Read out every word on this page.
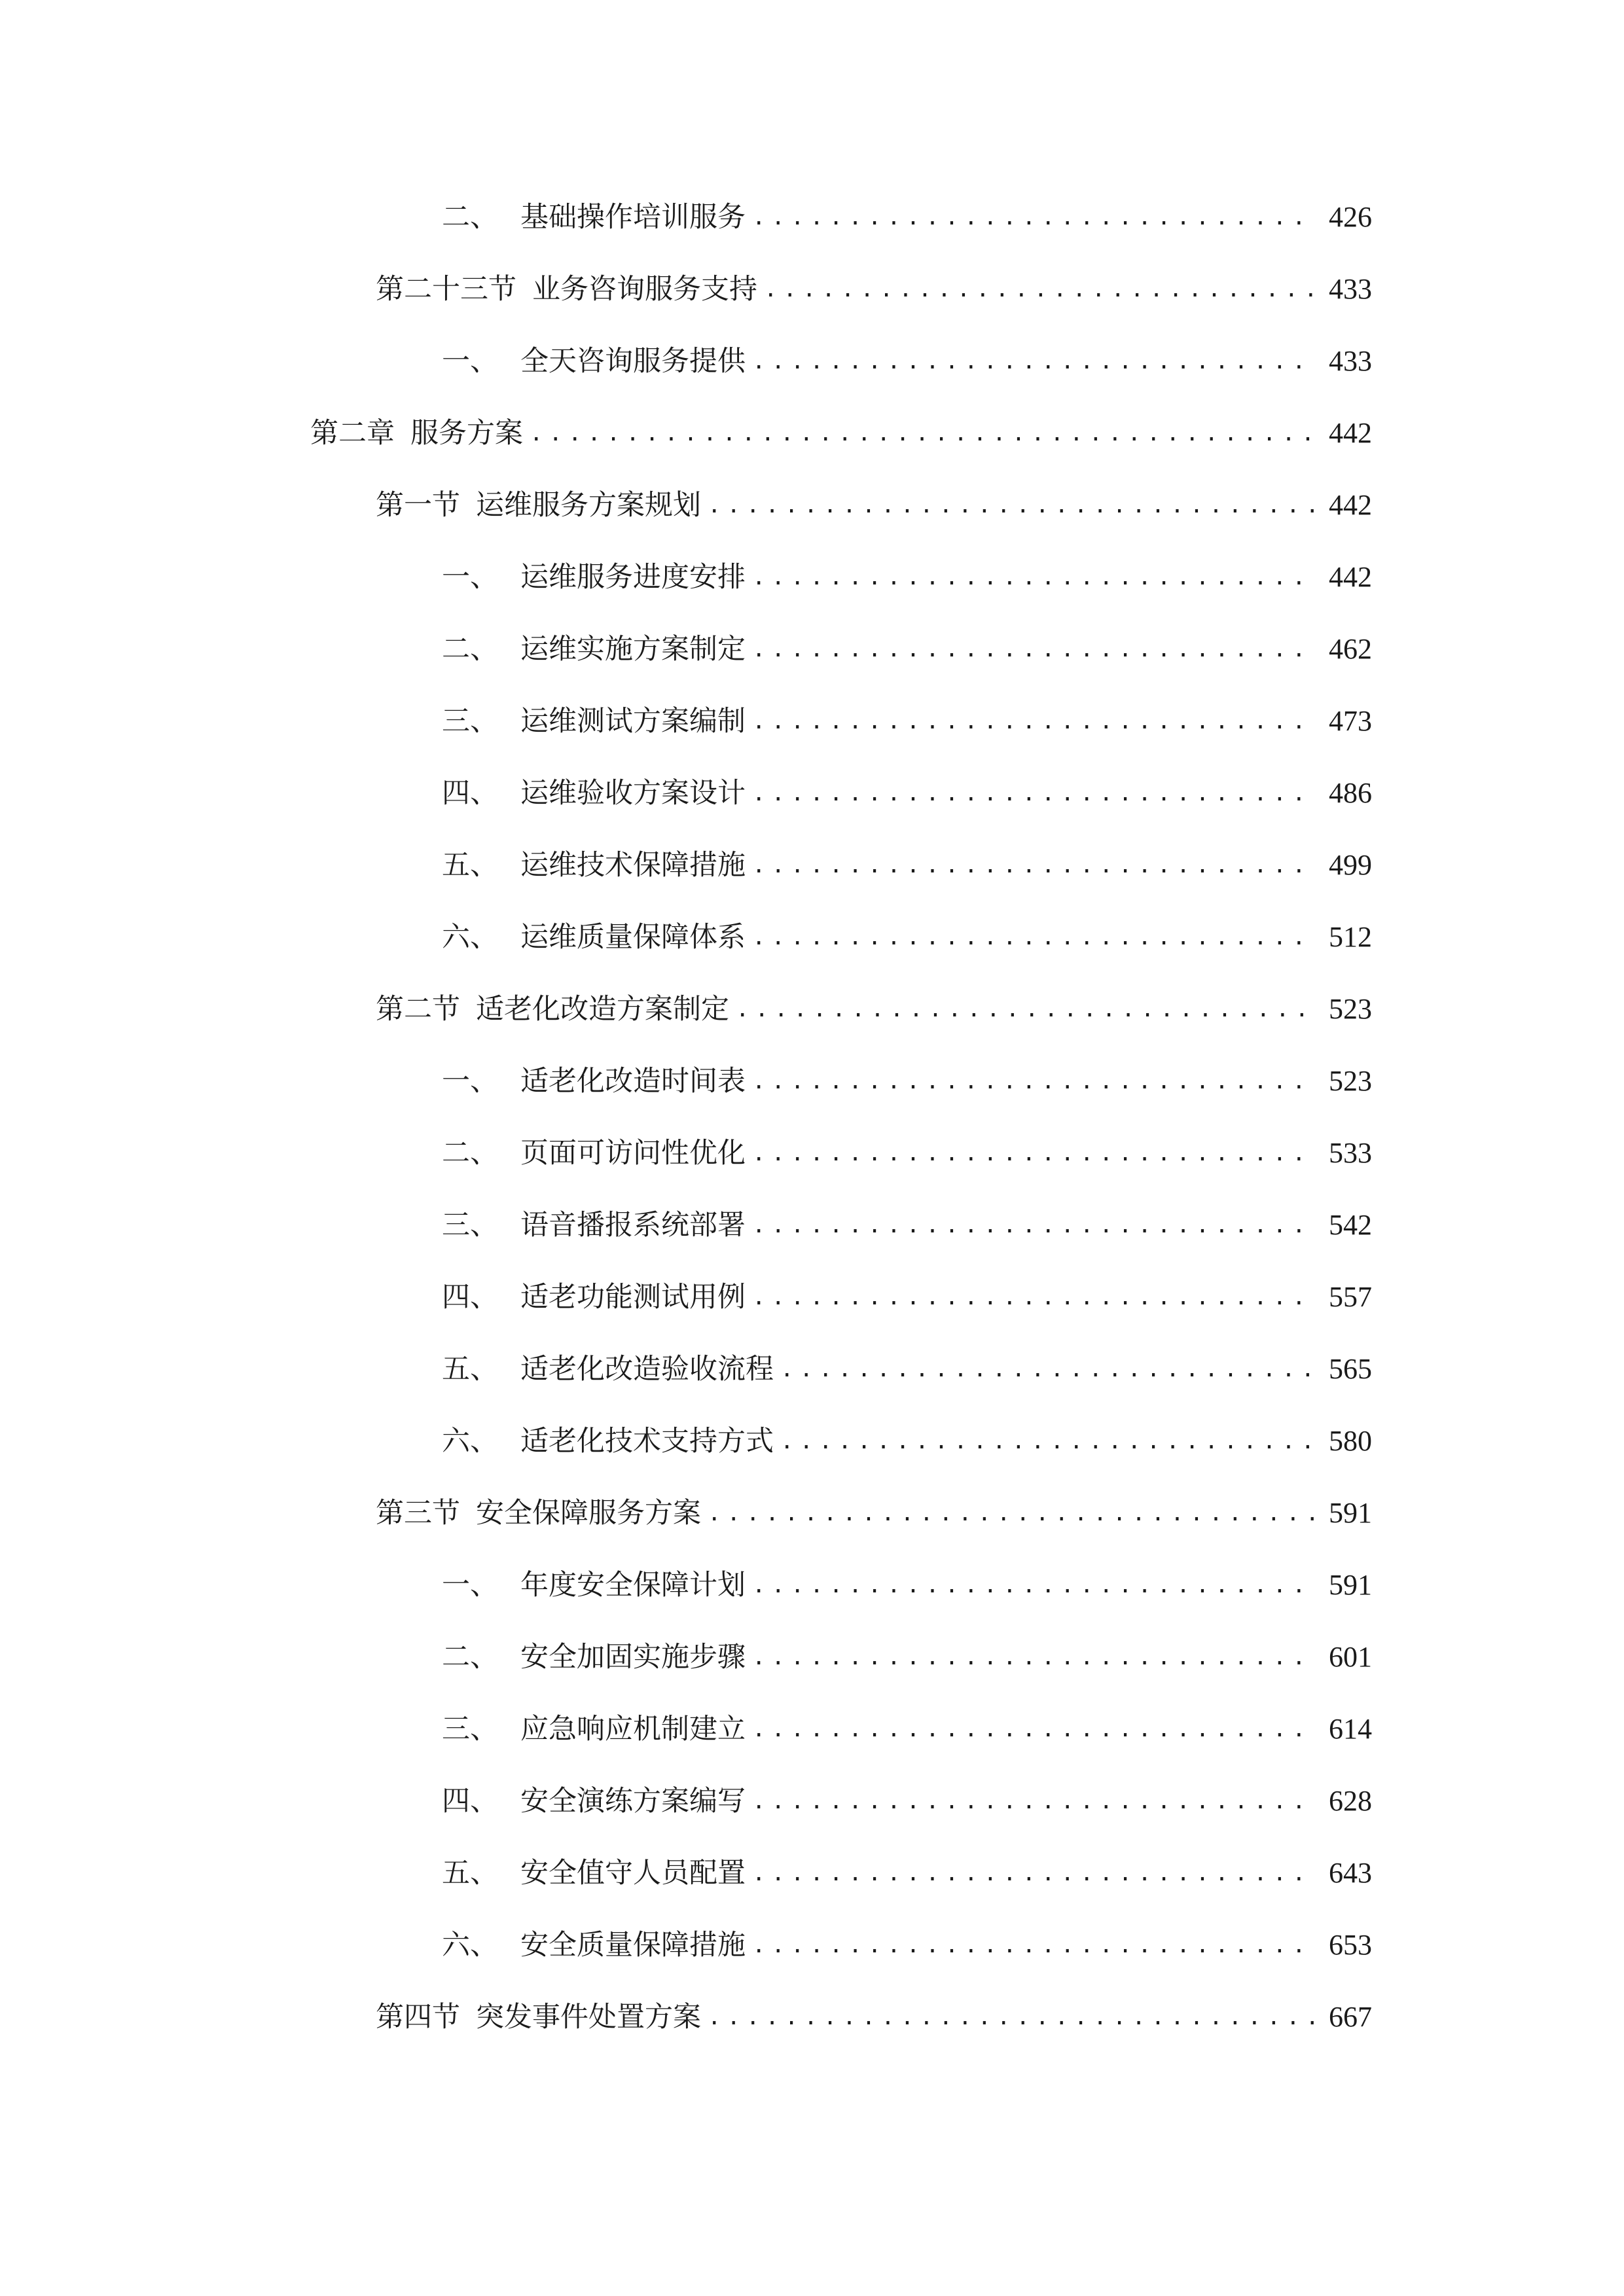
二、 基础操作培训服务 .....	426
第二十三节 业务咨询服务支持 .....	433
一、 全天咨询服务提供 .....	433
第二章 服务方案 .....	442
第一节 运维服务方案规划 .....	442
一、 运维服务进度安排 .....	442
二、 运维实施方案制定 .....	462
三、 运维测试方案编制 .....	473
四、 运维验收方案设计 .....	486
五、 运维技术保障措施 .....	499
六、 运维质量保障体系 .....	512
第二节 适老化改造方案制定 .....	523
一、 适老化改造时间表 .....	523
二、 页面可访问性优化 .....	533
三、 语音播报系统部署 .....	542
四、 适老功能测试用例 .....	557
五、 适老化改造验收流程 .....	565
六、 适老化技术支持方式 .....	580
第三节 安全保障服务方案 .....	591
一、 年度安全保障计划 .....	591
二、 安全加固实施步骤 .....	601
三、 应急响应机制建立 .....	614
四、 安全演练方案编写 .....	628
五、 安全值守人员配置 .....	643
六、 安全质量保障措施 .....	653
第四节 突发事件处置方案 .....	667
